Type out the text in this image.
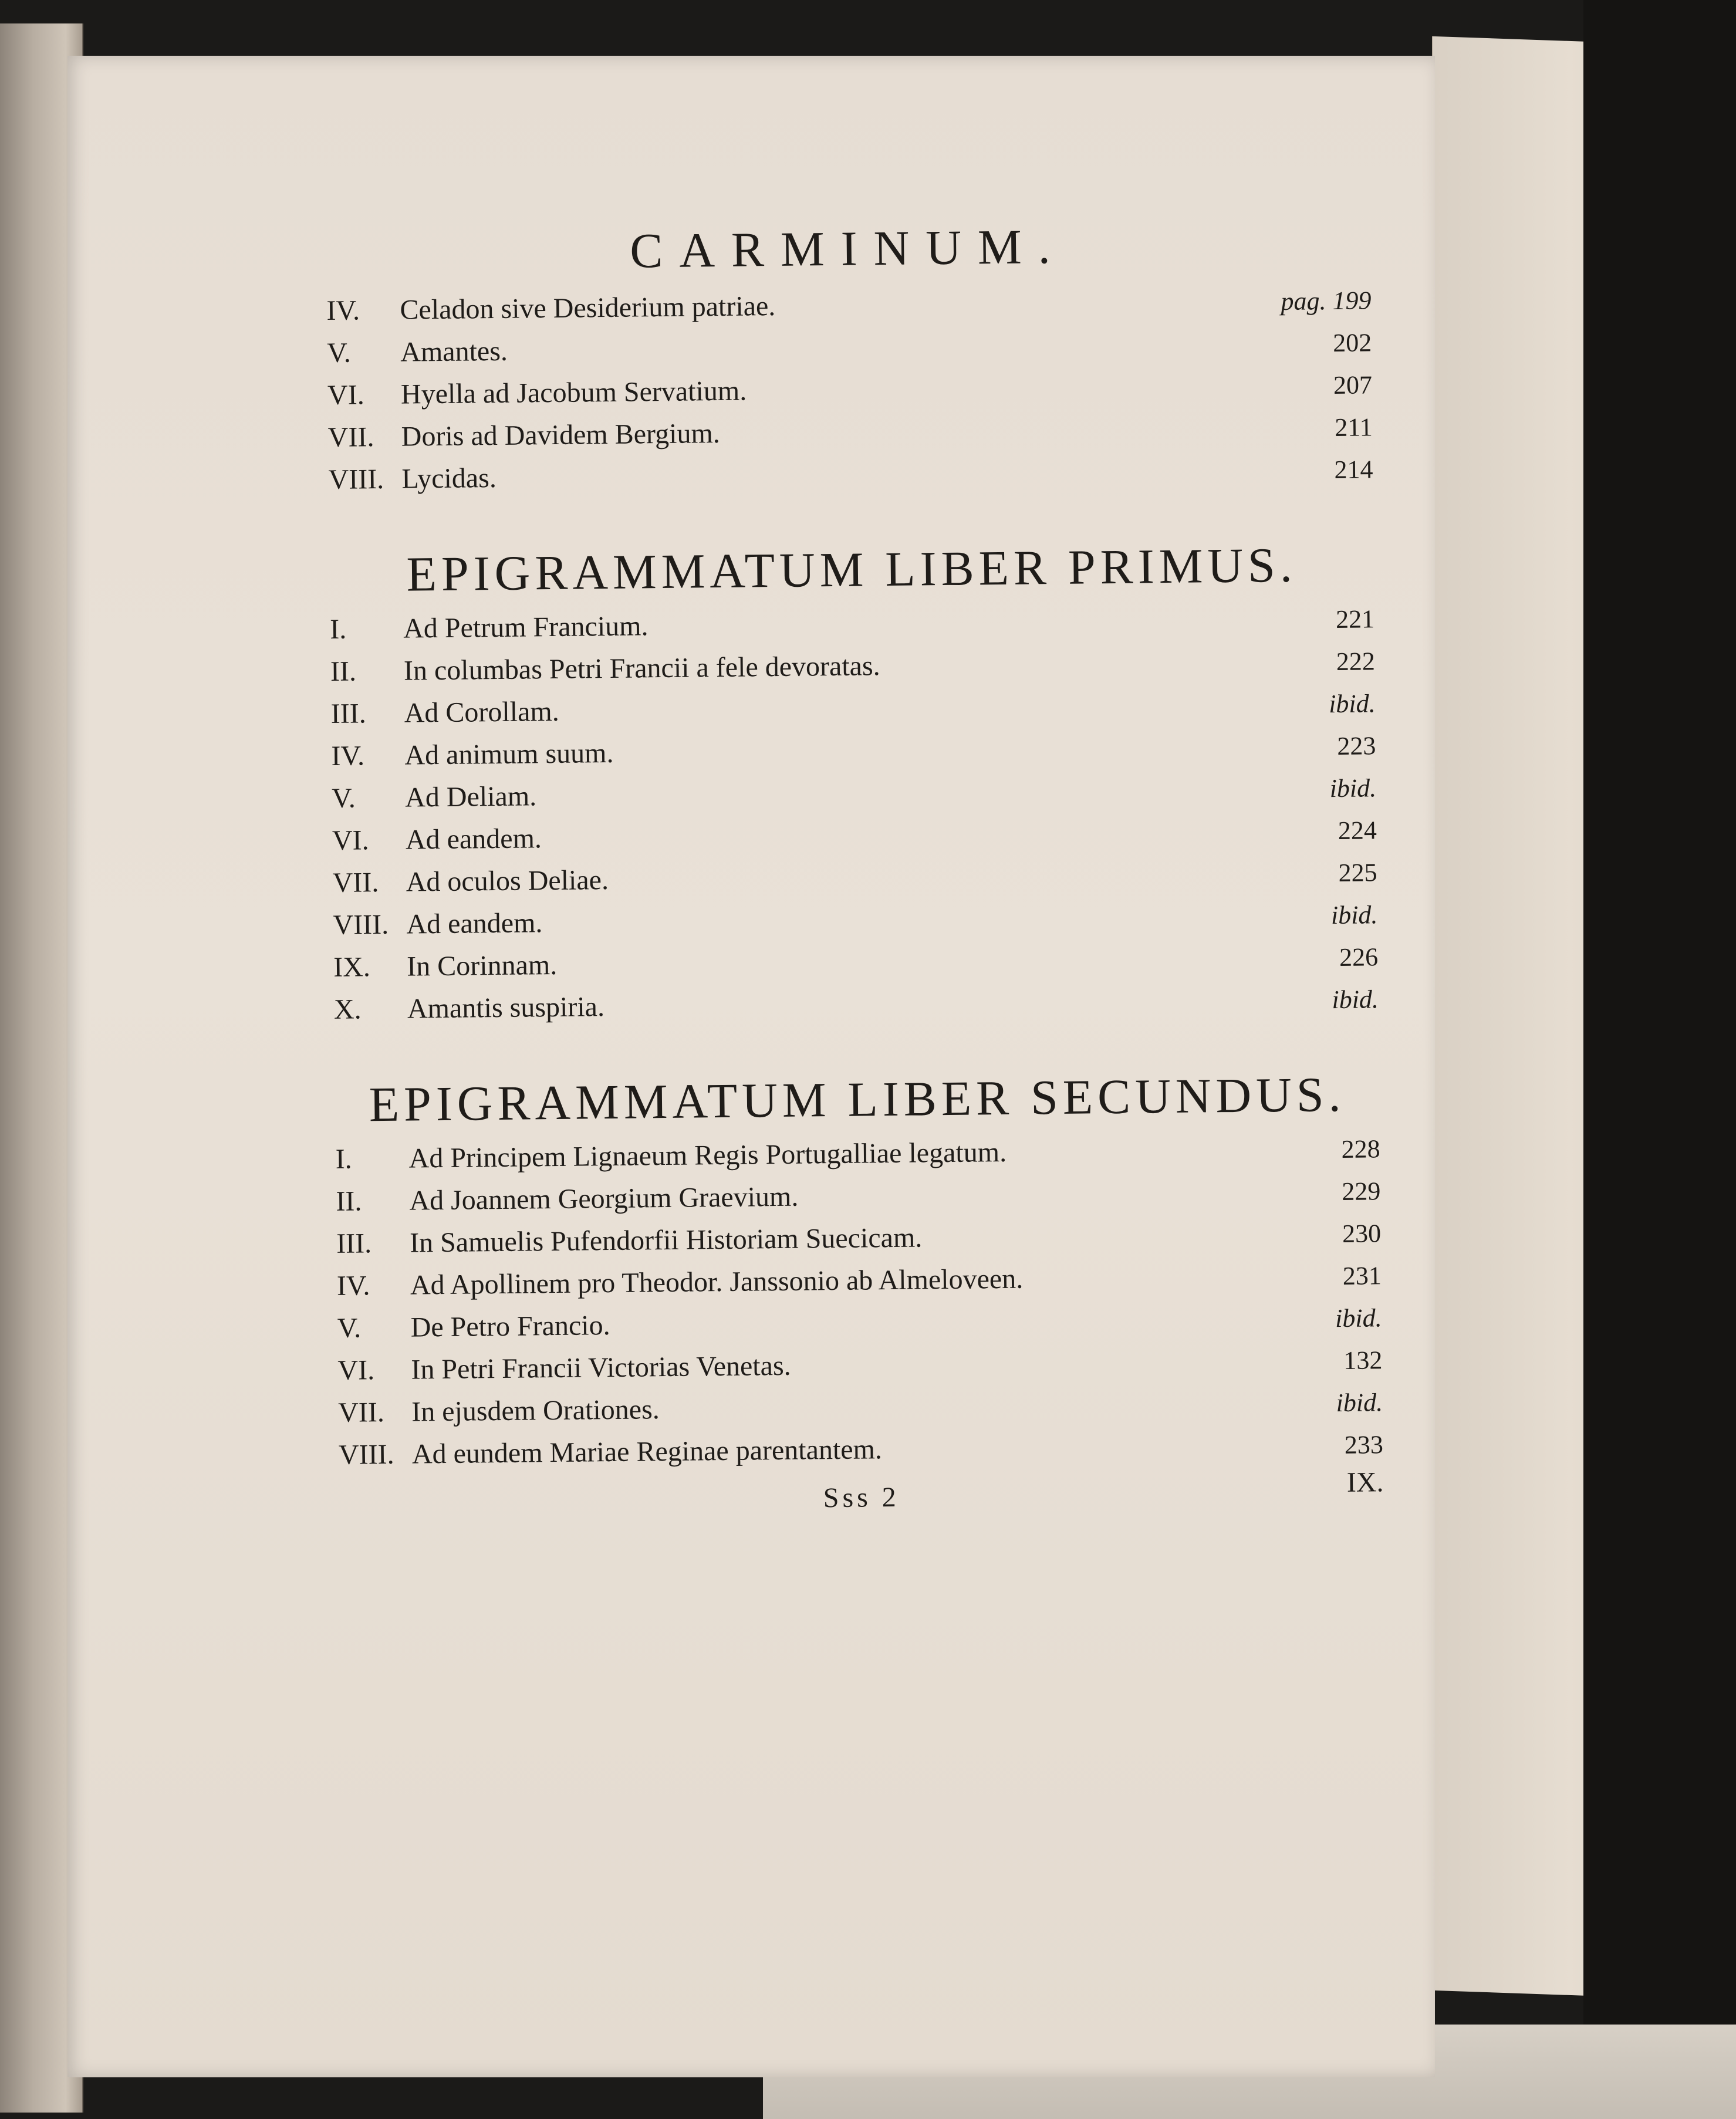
CARMINUM.
IV.	Celadon sive Desiderium patriae.	pag. 199
V.	Amantes.	202
VI.	Hyella ad Jacobum Servatium.	207
VII. Doris ad Davidem Bergium.	211
VIII. Lycidas.	214
EPIGRAMMATUM LIBER PRIMUS.
I.	Ad Petrum Francium.	221
II.	In columbas Petri Francii a fele devoratas.	222
III.	Ad Corollam.	ibid.
IV.	Ad animum suum.	223
V.	Ad Deliam.	ibid.
VI.	Ad eandem.	224
VII. Ad oculos Deliae.	225
VIII. Ad eandem.	ibid.
IX.	In Corinnam.	226
X.	Amantis suspiria.	ibid.
EPIGRAMMATUM LIBER SECUNDUS.
I.	Ad Principem Lignaeum Regis Portugalliae legatum.	228
II.	Ad Joannem Georgium Graevium.	229
III.	In Samuelis Pufendorfii Historiam Suecicam.	230
IV.	Ad Apollinem pro Theodor. Janssonio ab Almeloveen.	231
V.	De Petro Francio.	ibid.
VI.	In Petri Francii Victorias Venetas.	132
VII. In ejusdem Orationes.	ibid.
VIII. Ad eundem Mariae Reginae parentantem.	233
Sss 2	IX.
